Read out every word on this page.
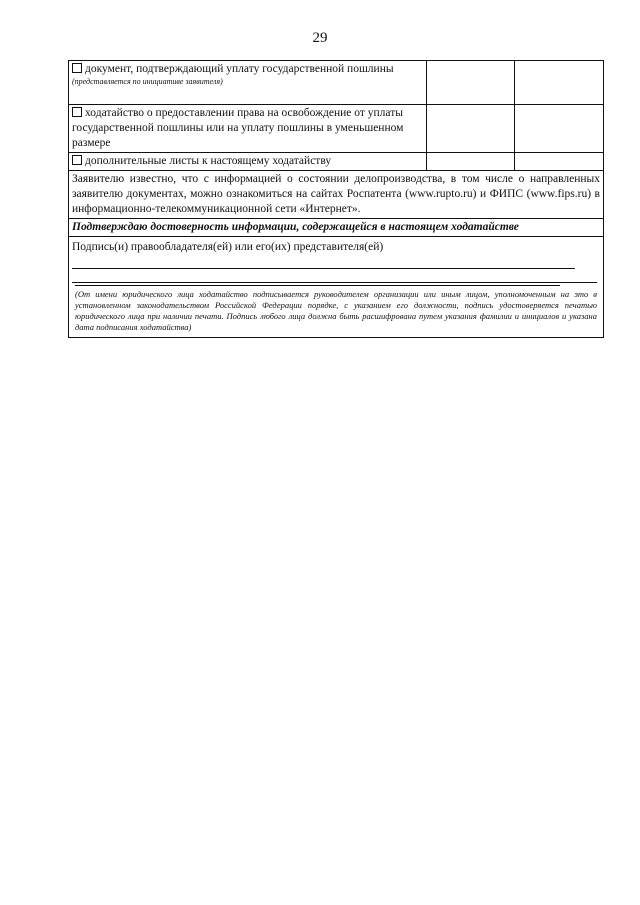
29
документ, подтверждающий уплату государственной пошлины
(представляется по инициативе заявителя)		

ходатайство о предоставлении права на освобождение от уплаты государственной пошлины или на уплату пошлины в уменьшенном размере		
дополнительные листы к настоящему ходатайству		
Заявителю известно, что с информацией о состоянии делопроизводства, в том числе о направленных заявителю документах, можно ознакомиться на сайтах Роспатента (www.rupto.ru) и ФИПС (www.fips.ru) в информационно-телекоммуникационной сети «Интернет».		
Подтверждаю достоверность информации, содержащейся в настоящем ходатайстве		

Подпись(и) правообладателя(ей) или его(их) представителя(ей)
(От имени юридического лица ходатайство подписывается руководителем организации или иным лицом, уполномоченным на это в установленном законодательством Российской Федерации порядке, с указанием его должности, подпись удостоверяется печатью юридического лица при наличии печати. Подпись любого лица должна быть расшифрована путем указания фамилии и инициалов и указана дата подписания ходатайства)		
